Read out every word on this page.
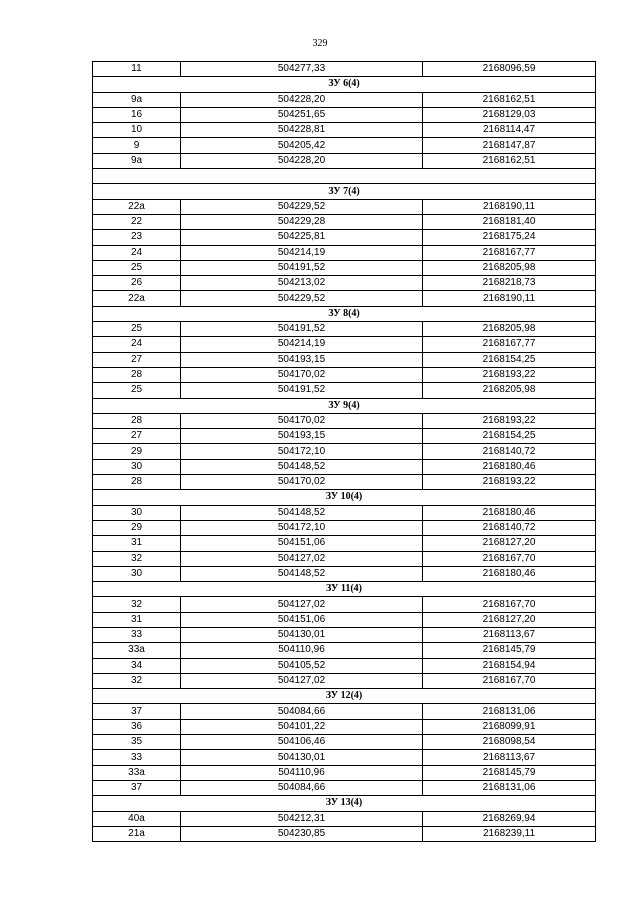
329
11	504277,33	2168096,59
ЗУ 6(4)		
9а	504228,20	2168162,51
16	504251,65	2168129,03
10	504228,81	2168114,47
9	504205,42	2168147,87
9а	504228,20	2168162,51

ЗУ 7(4)		
22а	504229,52	2168190,11
22	504229,28	2168181,40
23	504225,81	2168175,24
24	504214,19	2168167,77
25	504191,52	2168205,98
26	504213,02	2168218,73
22а	504229,52	2168190,11
ЗУ 8(4)		
25	504191,52	2168205,98
24	504214,19	2168167,77
27	504193,15	2168154,25
28	504170,02	2168193,22
25	504191,52	2168205,98
ЗУ 9(4)		
28	504170,02	2168193,22
27	504193,15	2168154,25
29	504172,10	2168140,72
30	504148,52	2168180,46
28	504170,02	2168193,22
ЗУ 10(4)		
30	504148,52	2168180,46
29	504172,10	2168140,72
31	504151,06	2168127,20
32	504127,02	2168167,70
30	504148,52	2168180,46
ЗУ 11(4)		
32	504127,02	2168167,70
31	504151,06	2168127,20
33	504130,01	2168113,67
33а	504110,96	2168145,79
34	504105,52	2168154,94
32	504127,02	2168167,70
ЗУ 12(4)		
37	504084,66	2168131,06
36	504101,22	2168099,91
35	504106,46	2168098,54
33	504130,01	2168113,67
33а	504110,96	2168145,79
37	504084,66	2168131,06
ЗУ 13(4)		
40а	504212,31	2168269,94
21а	504230,85	2168239,11
